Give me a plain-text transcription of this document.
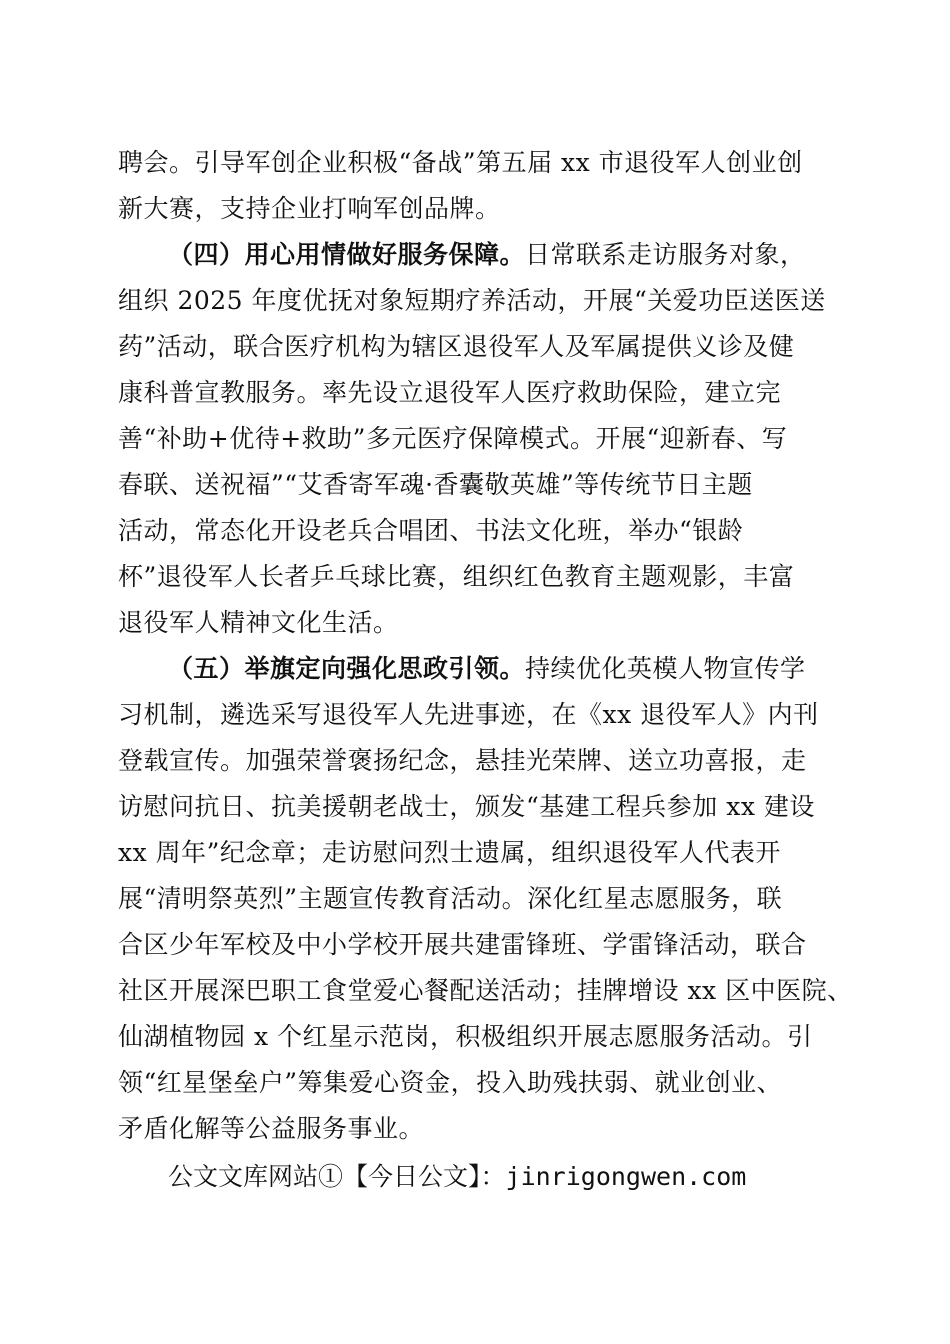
聘会。引导军创企业积极“备战”第五届 xx 市退役军人创业创
新大赛，支持企业打响军创品牌。
（四）用心用情做好服务保障。日常联系走访服务对象，
组织 2025 年度优抚对象短期疗养活动，开展“关爱功臣送医送
药”活动，联合医疗机构为辖区退役军人及军属提供义诊及健
康科普宣教服务。率先设立退役军人医疗救助保险，建立完
善“补助+优待+救助”多元医疗保障模式。开展“迎新春、写
春联、送祝福”“艾香寄军魂·香囊敬英雄”等传统节日主题
活动，常态化开设老兵合唱团、书法文化班，举办“银龄
杯”退役军人长者乒乓球比赛，组织红色教育主题观影，丰富
退役军人精神文化生活。
（五）举旗定向强化思政引领。持续优化英模人物宣传学
习机制，遴选采写退役军人先进事迹，在《xx 退役军人》内刊
登载宣传。加强荣誉褒扬纪念，悬挂光荣牌、送立功喜报，走
访慰问抗日、抗美援朝老战士，颁发“基建工程兵参加 xx 建设
xx 周年”纪念章；走访慰问烈士遗属，组织退役军人代表开
展“清明祭英烈”主题宣传教育活动。深化红星志愿服务，联
合区少年军校及中小学校开展共建雷锋班、学雷锋活动，联合
社区开展深巴职工食堂爱心餐配送活动；挂牌增设 xx 区中医院、
仙湖植物园 x 个红星示范岗，积极组织开展志愿服务活动。引
领“红星堡垒户”筹集爱心资金，投入助残扶弱、就业创业、
矛盾化解等公益服务事业。
公文文库网站①【今日公文】：jinrigongwen.com
